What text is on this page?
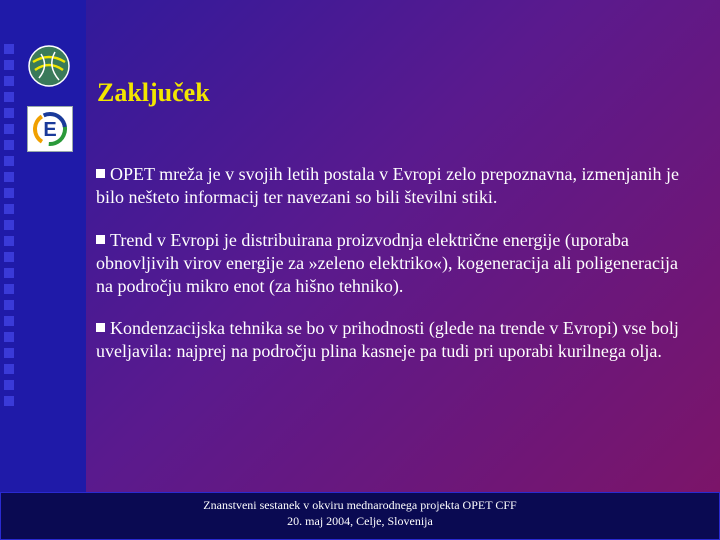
E
Zaključek
OPET mreža je v svojih letih postala v Evropi zelo prepoznavna, izmenjanih je bilo nešteto informacij ter navezani so bili številni stiki.
Trend v Evropi je distribuirana proizvodnja električne energije (uporaba obnovljivih virov energije za »zeleno elektriko«), kogeneracija ali poligeneracija na področju mikro enot (za hišno tehniko).
Kondenzacijska tehnika se bo v prihodnosti (glede na trende v Evropi) vse bolj uveljavila: najprej na področju plina kasneje pa tudi pri uporabi kurilnega olja.
Znanstveni sestanek v okviru mednarodnega projekta OPET CFF
20. maj 2004, Celje, Slovenija
